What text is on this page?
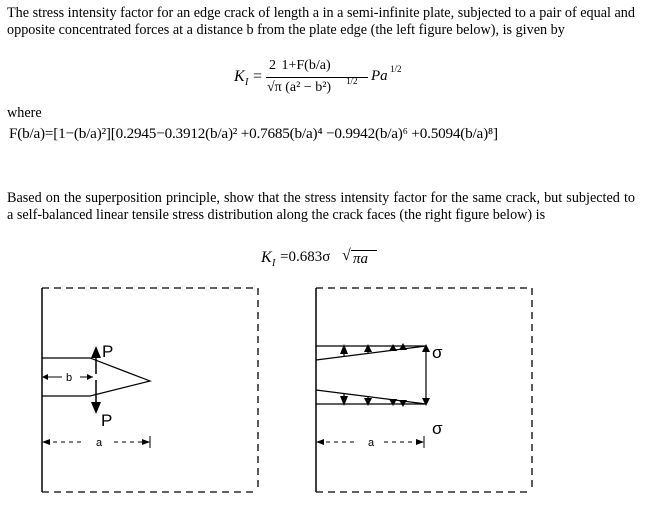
The stress intensity factor for an edge crack of length a in a semi-infinite plate, subjected to a pair of equal and opposite concentrated forces at a distance b from the plate edge (the left figure below), is given by

K I =
2 1+F(b/a)
√π (a² − b²) 1/2 Pa 1/2
where
F(b/a)=[1−(b/a)²][0.2945−0.3912(b/a)² +0.7685(b/a)⁴ −0.9942(b/a)⁶ +0.5094(b/a)⁸]

Based on the superposition principle, show that the stress intensity factor for the same crack, but subjected to a self-balanced linear tensile stress distribution along the crack faces (the right figure below) is

K I =0.683σ √ πa
P
P
b
a
σ
σ
a
